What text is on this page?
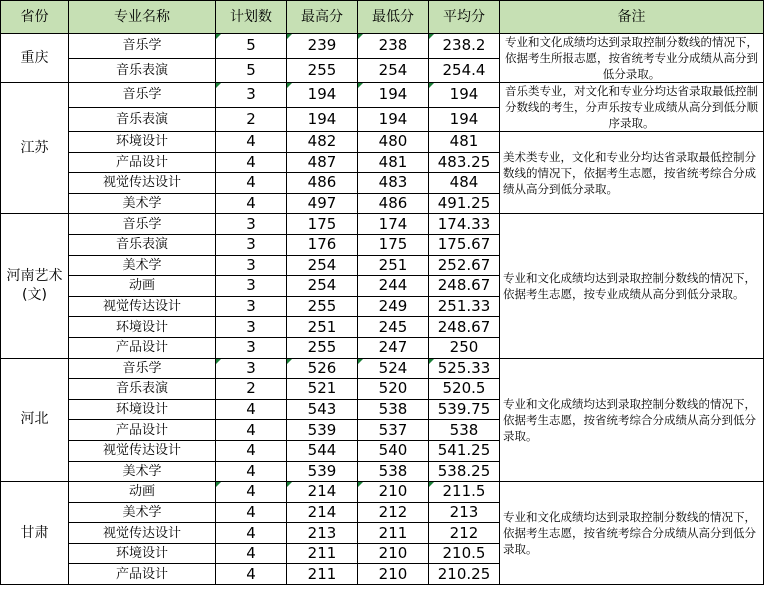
省份	专业名称	计划数	最高分	最低分	平均分	备注
重庆	音乐学	5	239	238	238.2	专业和文化成绩均达到录取控制分数线的情况下，依据考生所报志愿，按省统考专业分成绩从高分到低分录取。
	音乐表演	5	255	254	254.4	
江苏	音乐学	3	194	194	194	音乐类专业，对文化和专业分均达省录取最低控制分数线的考生，分声乐按专业成绩从高分到低分顺序录取。
	音乐表演	2	194	194	194	
	环境设计	4	482	480	481	美术类专业，文化和专业分均达省录取最低控制分数线的情况下，依据考生志愿，按省统考综合分成绩从高分到低分录取。
	产品设计	4	487	481	483.25	
	视觉传达设计	4	486	483	484	
	美术学	4	497	486	491.25	
河南艺术(文)	音乐学	3	175	174	174.33	专业和文化成绩均达到录取控制分数线的情况下，依据考生志愿，按专业成绩从高分到低分录取。
	音乐表演	3	176	175	175.67	
	美术学	3	254	251	252.67	
	动画	3	254	244	248.67	
	视觉传达设计	3	255	249	251.33	
	环境设计	3	251	245	248.67	
	产品设计	3	255	247	250	
河北	音乐学	3	526	524	525.33	专业和文化成绩均达到录取控制分数线的情况下，依据考生志愿，按省统考综合分成绩从高分到低分录取。
	音乐表演	2	521	520	520.5	
	环境设计	4	543	538	539.75	
	产品设计	4	539	537	538	
	视觉传达设计	4	544	540	541.25	
	美术学	4	539	538	538.25	
甘肃	动画	4	214	210	211.5	专业和文化成绩均达到录取控制分数线的情况下，依据考生志愿，按省统考综合分成绩从高分到低分录取。
	美术学	4	214	212	213	
	视觉传达设计	4	213	211	212	
	环境设计	4	211	210	210.5	
	产品设计	4	211	210	210.25	
